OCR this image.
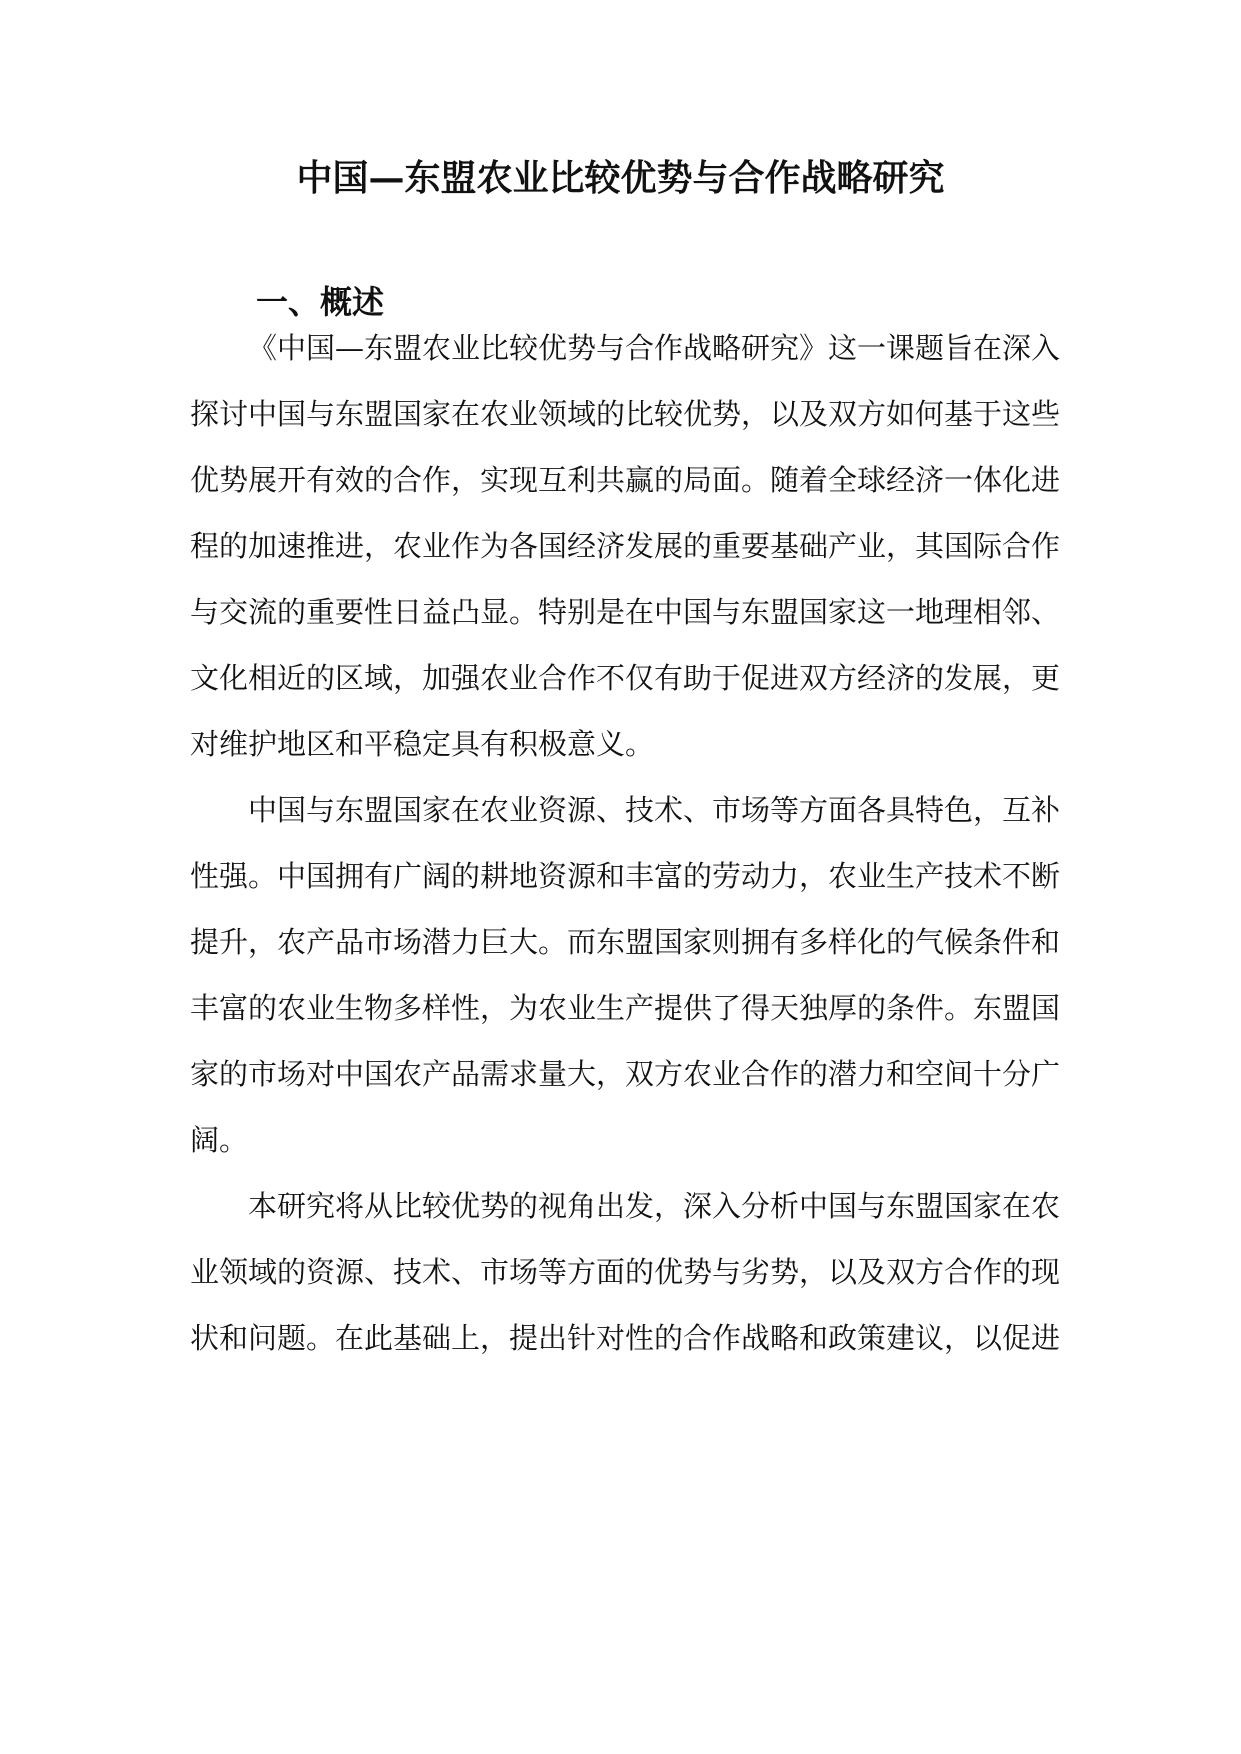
中国—东盟农业比较优势与合作战略研究
一、概述
《中国—东盟农业比较优势与合作战略研究》这一课题旨在深入
探讨中国与东盟国家在农业领域的比较优势，以及双方如何基于这些
优势展开有效的合作，实现互利共赢的局面。随着全球经济一体化进
程的加速推进，农业作为各国经济发展的重要基础产业，其国际合作
与交流的重要性日益凸显。特别是在中国与东盟国家这一地理相邻、
文化相近的区域，加强农业合作不仅有助于促进双方经济的发展，更
对维护地区和平稳定具有积极意义。
中国与东盟国家在农业资源、技术、市场等方面各具特色，互补
性强。中国拥有广阔的耕地资源和丰富的劳动力，农业生产技术不断
提升，农产品市场潜力巨大。而东盟国家则拥有多样化的气候条件和
丰富的农业生物多样性，为农业生产提供了得天独厚的条件。东盟国
家的市场对中国农产品需求量大，双方农业合作的潜力和空间十分广
阔。
本研究将从比较优势的视角出发，深入分析中国与东盟国家在农
业领域的资源、技术、市场等方面的优势与劣势，以及双方合作的现
状和问题。在此基础上，提出针对性的合作战略和政策建议，以促进
